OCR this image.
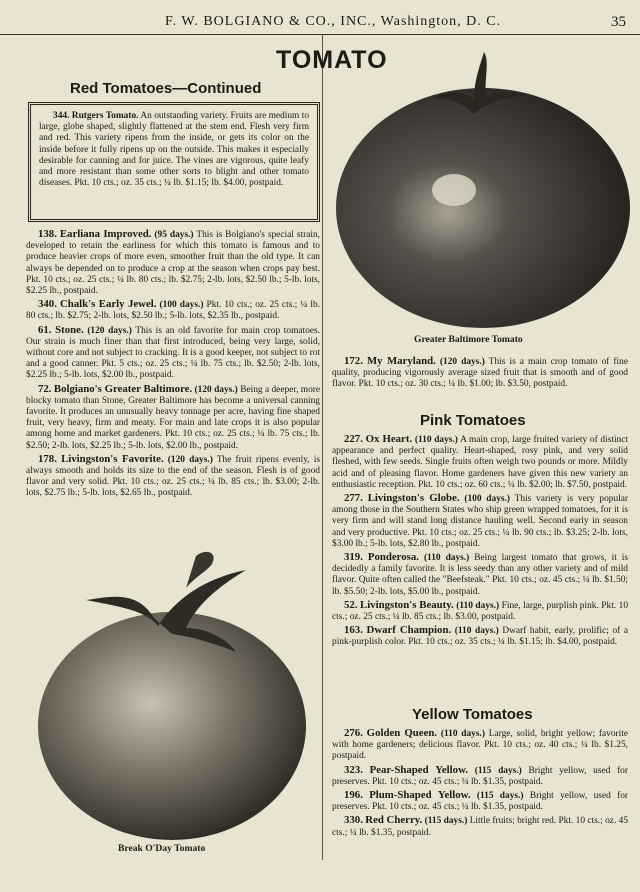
F. W. BOLGIANO & CO., INC., Washington, D. C.	35
TOMATO
Red Tomatoes—Continued

344. Rutgers Tomato. An outstanding variety. Fruits are medium to large, globe shaped, slightly flattened at the stem end. Flesh very firm and red. This variety ripens from the inside, or gets its color on the inside before it fully ripens up on the outside. This makes it especially desirable for canning and for juice. The vines are vigorous, quite leafy and more resistant than some other sorts to blight and other tomato diseases. Pkt. 10 cts.; oz. 35 cts.; ¼ lb. $1.15; lb. $4.00, postpaid.

138. Earliana Improved. (95 days.) This is Bolgiano's special strain, developed to retain the earliness for which this tomato is famous and to produce heavier crops of more even, smoother fruit than the old type. It can always be depended on to produce a crop at the season when crops pay best. Pkt. 10 cts.; oz. 25 cts.; ¼ lb. 80 cts.; lb. $2.75; 2-lb. lots, $2.50 lb.; 5-lb. lots, $2.25 lb., postpaid.

340. Chalk's Early Jewel. (100 days.) Pkt. 10 cts.; oz. 25 cts.; ¼ lb. 80 cts.; lb. $2.75; 2-lb. lots, $2.50 lb.; 5-lb. lots, $2.35 lb., postpaid.

61. Stone. (120 days.) This is an old favorite for main crop tomatoes. Our strain is much finer than that first introduced, being very large, solid, without core and not subject to cracking. It is a good keeper, not subject to rot and a good canner. Pkt. 5 cts.; oz. 25 cts.; ¼ lb. 75 cts.; lb. $2.50; 2-lb. lots, $2.25 lb.; 5-lb. lots, $2.00 lb., postpaid.

72. Bolgiano's Greater Baltimore. (120 days.) Being a deeper, more blocky tomato than Stone, Greater Baltimore has become a universal canning favorite. It produces an unusually heavy tonnage per acre, having fine shaped fruit, very heavy, firm and meaty. For main and late crops it is also popular among home and market gardeners. Pkt. 10 cts.; oz. 25 cts.; ¼ lb. 75 cts.; lb. $2.50; 2-lb. lots, $2.25 lb.; 5-lb. lots, $2.00 lb., postpaid.

178. Livingston's Favorite. (120 days.) The fruit ripens evenly, is always smooth and holds its size to the end of the season. Flesh is of good flavor and very solid. Pkt. 10 cts.; oz. 25 cts.; ¼ lb. 85 cts.; lb. $3.00; 2-lb. lots, $2.75 lb.; 5-lb. lots, $2.65 lb., postpaid.

Break O'Day Tomato
Greater Baltimore Tomato

172. My Maryland. (120 days.) This is a main crop tomato of fine quality, producing vigorously average sized fruit that is smooth and of good flavor. Pkt. 10 cts.; oz. 30 cts.; ¼ lb. $1.00; lb. $3.50, postpaid.

Pink Tomatoes

227. Ox Heart. (110 days.) A main crop, large fruited variety of distinct appearance and perfect quality. Heart-shaped, rosy pink, and very solid fleshed, with few seeds. Single fruits often weigh two pounds or more. Mildly acid and of pleasing flavor. Home gardeners have given this new variety an enthusiastic reception. Pkt. 10 cts.; oz. 60 cts.; ¼ lb. $2.00; lb. $7.50, postpaid.

277. Livingston's Globe. (100 days.) This variety is very popular among those in the Southern States who ship green wrapped tomatoes, for it is very firm and will stand long distance hauling well. Second early in season and very productive. Pkt. 10 cts.; oz. 25 cts.; ¼ lb. 90 cts.; lb. $3.25; 2-lb. lots, $3.00 lb.; 5-lb. lots, $2.80 lb., postpaid.

319. Ponderosa. (110 days.) Being largest tomato that grows, it is decidedly a family favorite. It is less seedy than any other variety and of mild flavor. Quite often called the "Beefsteak." Pkt. 10 cts.; oz. 45 cts.; ¼ lb. $1.50; lb. $5.50; 2-lb. lots, $5.00 lb., postpaid.

52. Livingston's Beauty. (110 days.) Fine, large, purplish pink. Pkt. 10 cts.; oz. 25 cts.; ¼ lb. 85 cts.; lb. $3.00, postpaid.

163. Dwarf Champion. (110 days.) Dwarf habit, early, prolific; of a pink-purplish color. Pkt. 10 cts.; oz. 35 cts.; ¼ lb. $1.15; lb. $4.00, postpaid.

Yellow Tomatoes

276. Golden Queen. (110 days.) Large, solid, bright yellow; favorite with home gardeners; delicious flavor. Pkt. 10 cts.; oz. 40 cts.; ¼ lb. $1.25, postpaid.

323. Pear-Shaped Yellow. (115 days.) Bright yellow, used for preserves. Pkt. 10 cts.; oz. 45 cts.; ¼ lb. $1.35, postpaid.

196. Plum-Shaped Yellow. (115 days.) Bright yellow, used for preserves. Pkt. 10 cts.; oz. 45 cts.; ¼ lb. $1.35, postpaid.

330. Red Cherry. (115 days.) Little fruits; bright red. Pkt. 10 cts.; oz. 45 cts.; ¼ lb. $1.35, postpaid.
